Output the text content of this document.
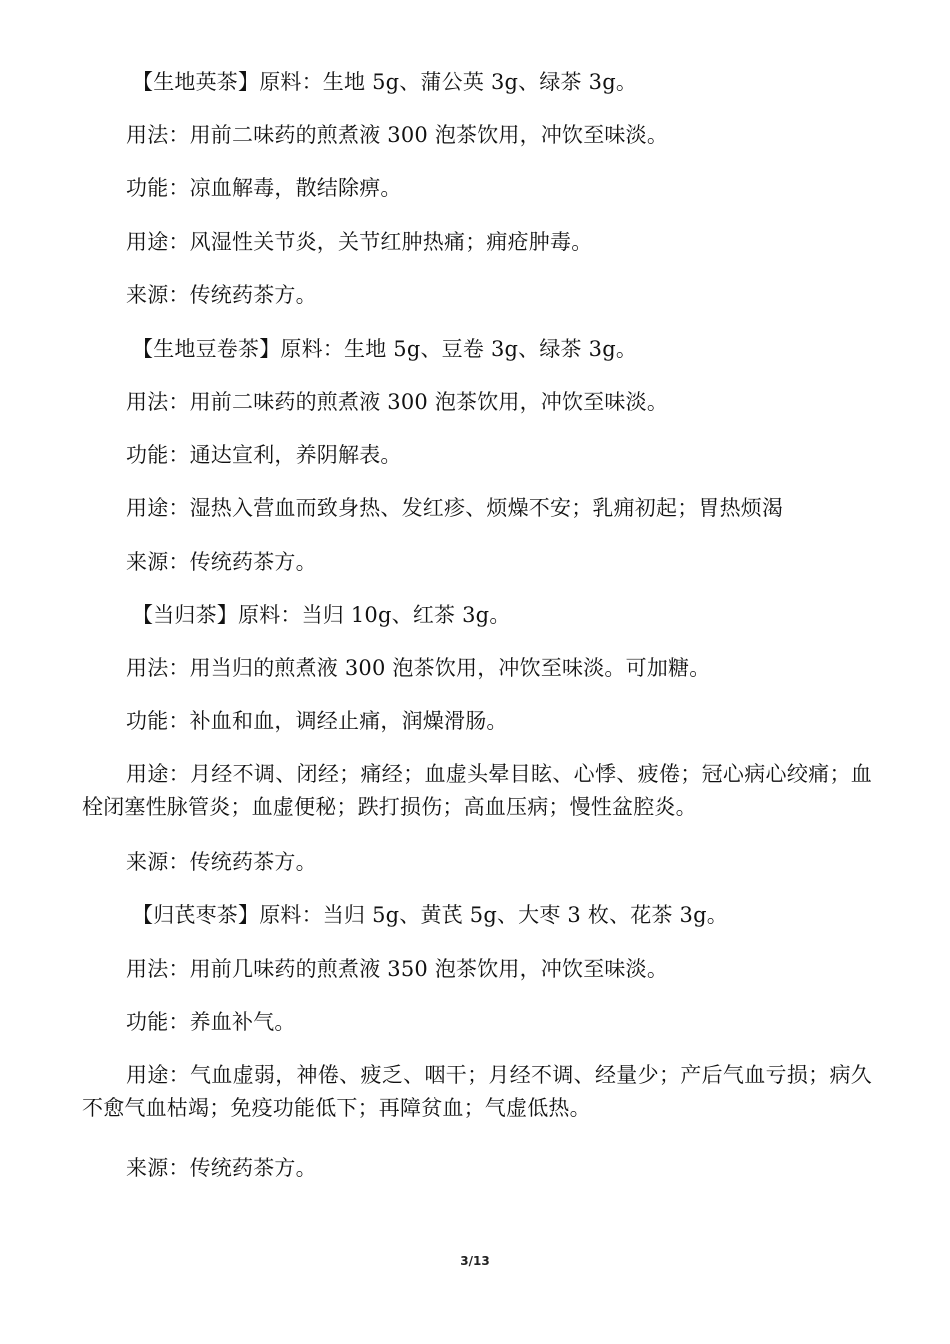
【生地英茶】原料：生地 5g、蒲公英 3g、绿茶 3g。

用法：用前二味药的煎煮液 300 泡茶饮用，冲饮至味淡。

功能：凉血解毒，散结除痹。

用途：风湿性关节炎，关节红肿热痛；痈疮肿毒。

来源：传统药茶方。

【生地豆卷茶】原料：生地 5g、豆卷 3g、绿茶 3g。

用法：用前二味药的煎煮液 300 泡茶饮用，冲饮至味淡。

功能：通达宣利，养阴解表。

用途：湿热入营血而致身热、发红疹、烦燥不安；乳痈初起；胃热烦渴

来源：传统药茶方。

【当归茶】原料：当归 10g、红茶 3g。

用法：用当归的煎煮液 300 泡茶饮用，冲饮至味淡。可加糖。

功能：补血和血，调经止痛，润燥滑肠。

用途：月经不调、闭经；痛经；血虚头晕目眩、心悸、疲倦；冠心病心绞痛；血栓闭塞性脉管炎；血虚便秘；跌打损伤；高血压病；慢性盆腔炎。

来源：传统药茶方。

【归芪枣茶】原料：当归 5g、黄芪 5g、大枣 3 枚、花茶 3g。

用法：用前几味药的煎煮液 350 泡茶饮用，冲饮至味淡。

功能：养血补气。

用途：气血虚弱，神倦、疲乏、咽干；月经不调、经量少；产后气血亏损；病久不愈气血枯竭；免疫功能低下；再障贫血；气虚低热。

来源：传统药茶方。

3/13
